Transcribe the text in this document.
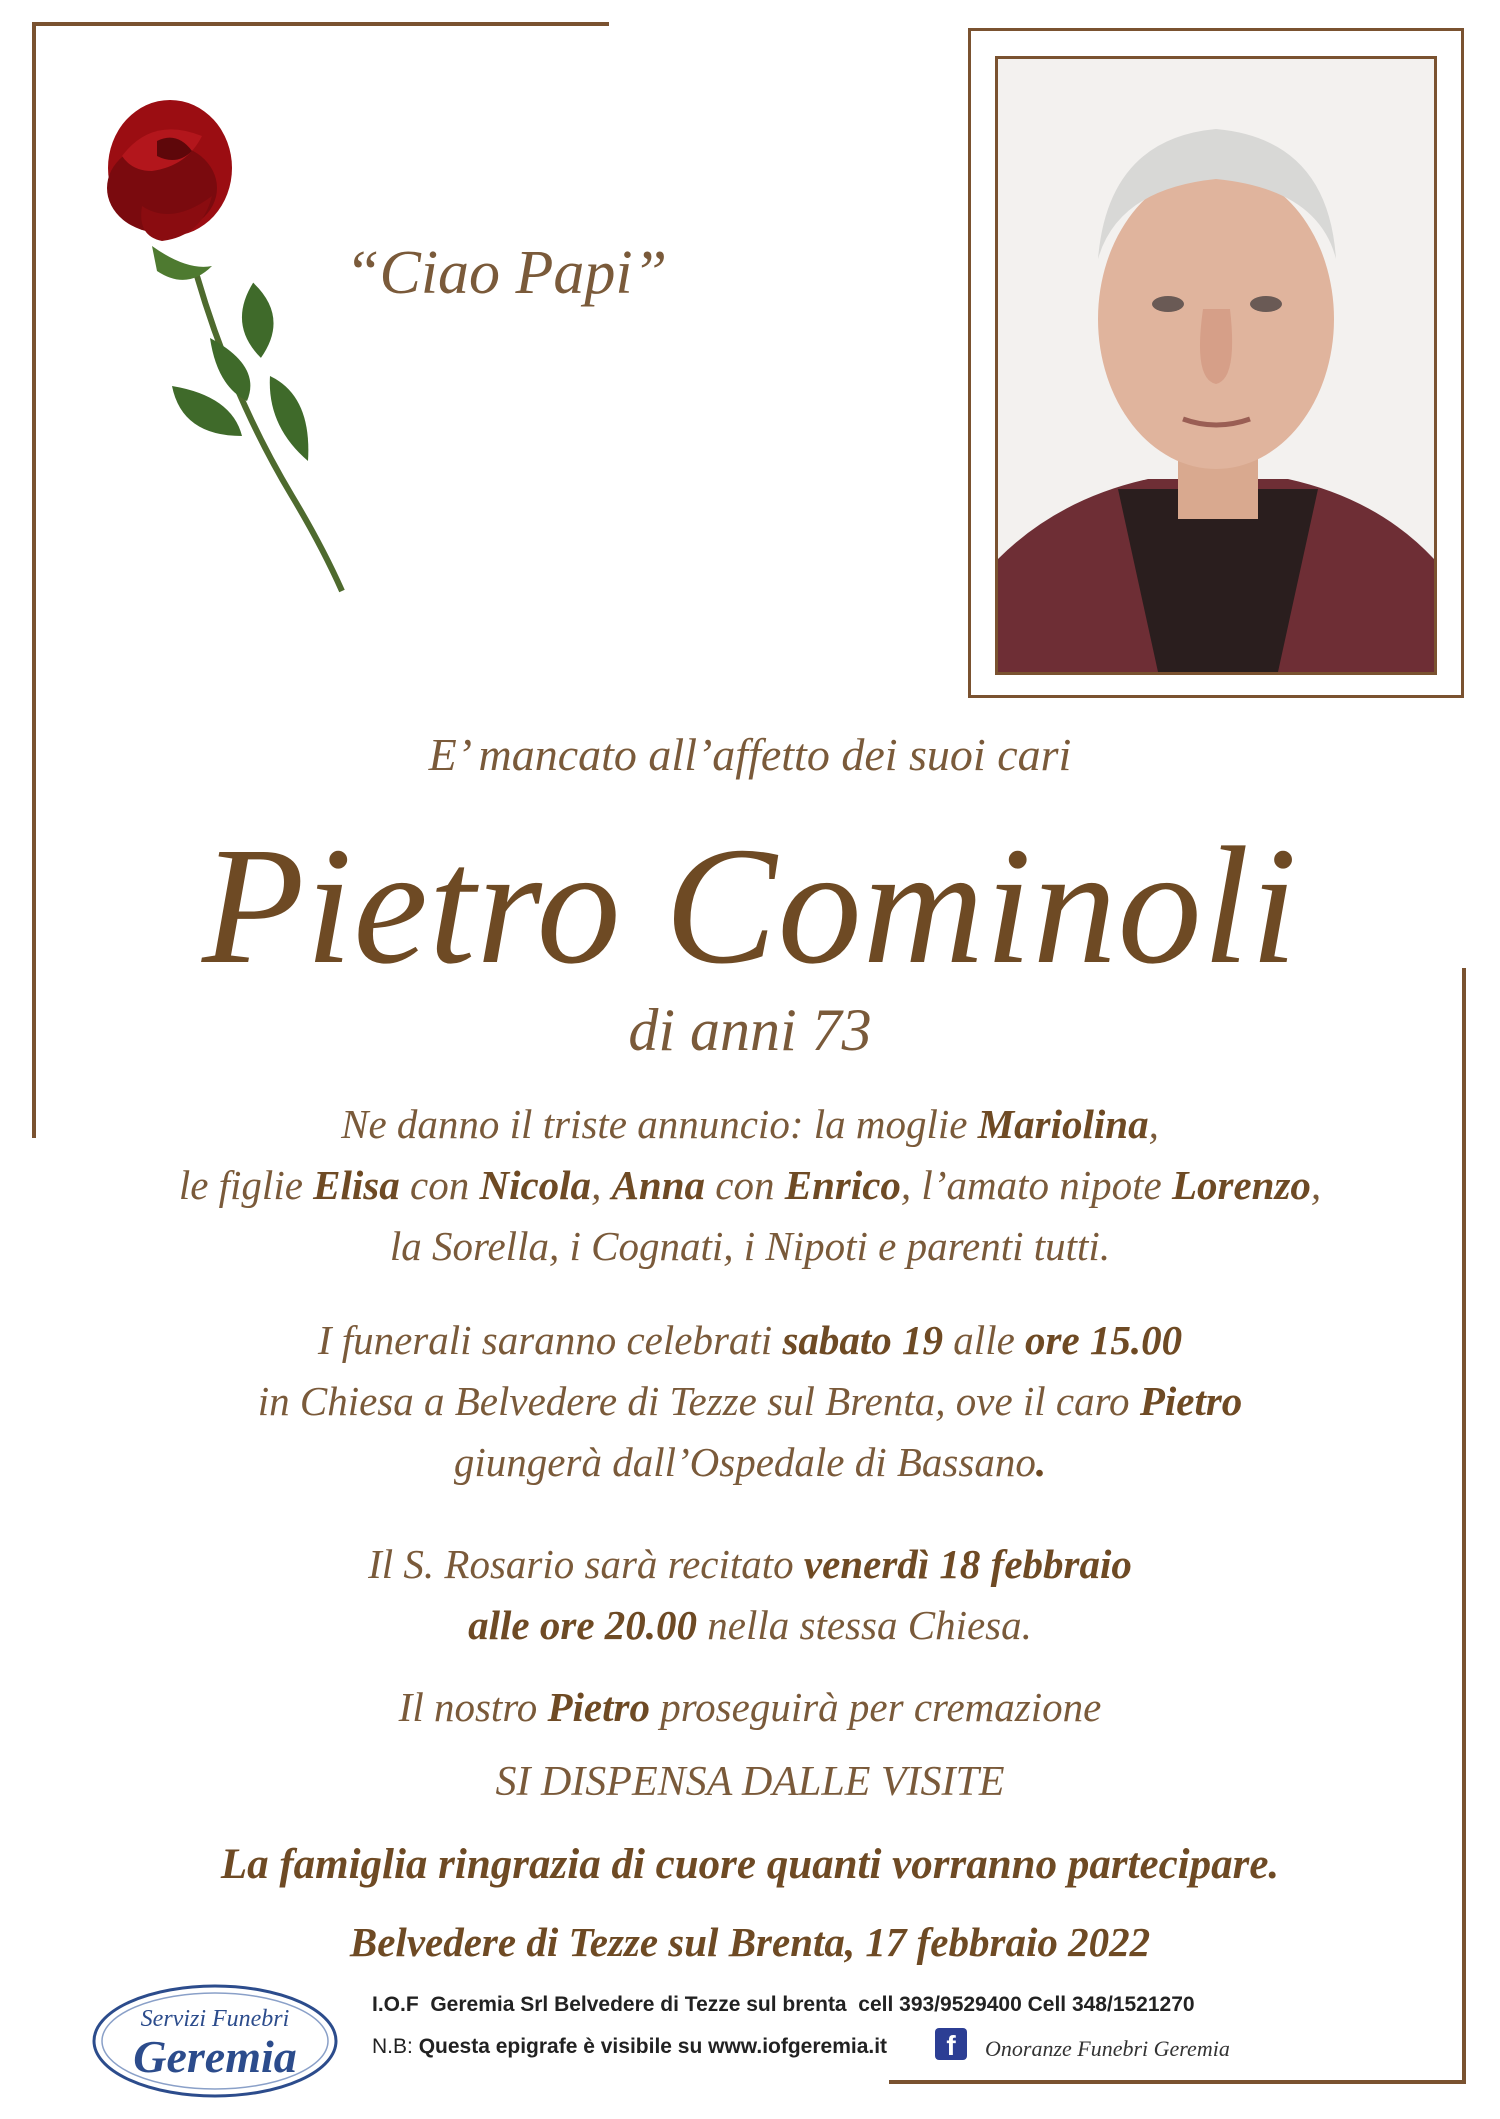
“Ciao Papi”
E’ mancato all’affetto dei suoi cari
Pietro Cominoli
di anni 73
Ne danno il triste annuncio: la moglie Mariolina,
le figlie Elisa con Nicola, Anna con Enrico, l’amato nipote Lorenzo,
la Sorella, i Cognati, i Nipoti e parenti tutti.
I funerali saranno celebrati sabato 19 alle ore 15.00
in Chiesa a Belvedere di Tezze sul Brenta, ove il caro Pietro
giungerà dall’Ospedale di Bassano.
Il S. Rosario sarà recitato venerdì 18 febbraio
alle ore 20.00 nella stessa Chiesa.
Il nostro Pietro proseguirà per cremazione
SI DISPENSA DALLE VISITE
La famiglia ringrazia di cuore quanti vorranno partecipare.
Belvedere di Tezze sul Brenta, 17 febbraio 2022
Servizi Funebri
Geremia
I.O.F  Geremia Srl Belvedere di Tezze sul brenta  cell 393/9529400 Cell 348/1521270
N.B: Questa epigrafe è visibile su www.iofgeremia.it	f	Onoranze Funebri Geremia
